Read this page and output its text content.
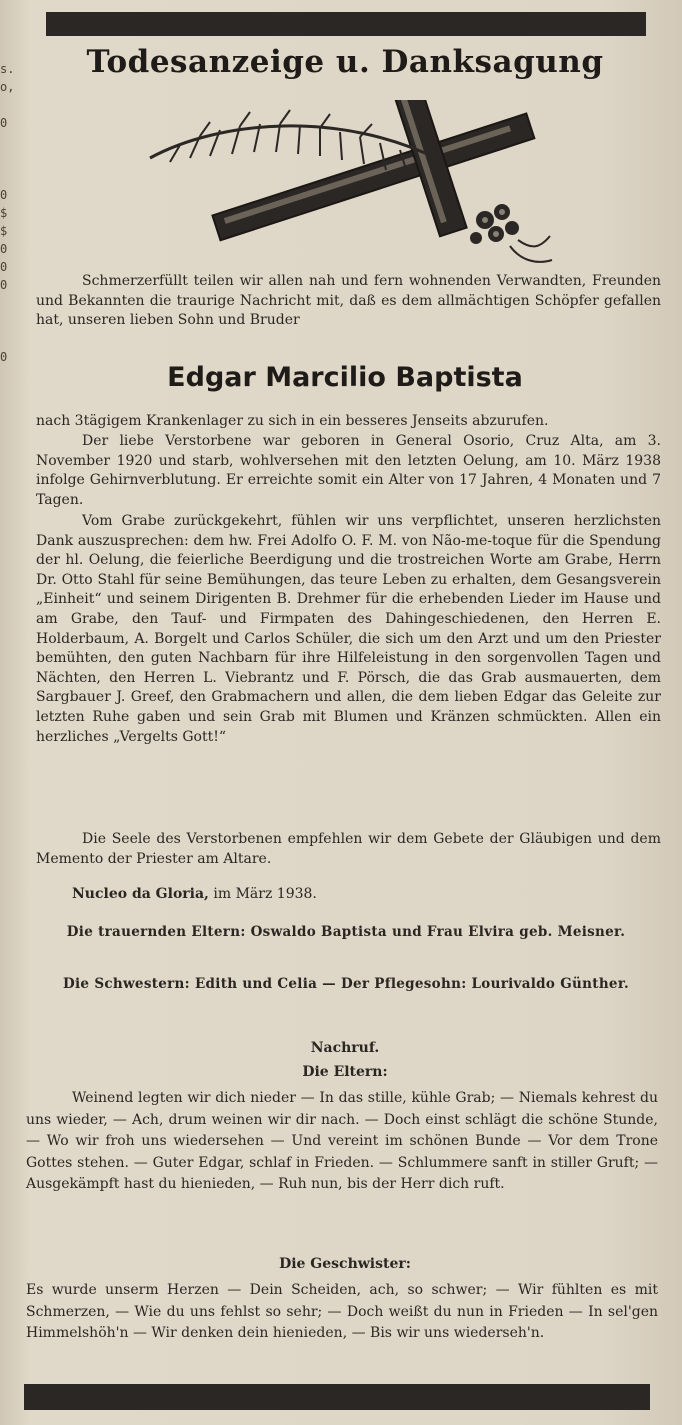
s.
o,

0

0
$
$
0
0
0

0
Todesanzeige u. Danksagung
Schmerzerfüllt teilen wir allen nah und fern wohnenden Verwandten, Freunden und Bekannten die traurige Nachricht mit, daß es dem allmächtigen Schöpfer gefallen hat, unseren lieben Sohn und Bruder
Edgar Marcilio Baptista
nach 3tägigem Krankenlager zu sich in ein besseres Jenseits abzurufen.
Der liebe Verstorbene war geboren in General Osorio, Cruz Alta, am 3. November 1920 und starb, wohlversehen mit den letzten Oelung, am 10. März 1938 infolge Gehirnverblutung. Er erreichte somit ein Alter von 17 Jahren, 4 Monaten und 7 Tagen.
Vom Grabe zurückgekehrt, fühlen wir uns verpflichtet, unseren herzlichsten Dank auszusprechen: dem hw. Frei Adolfo O. F. M. von Não-me-toque für die Spendung der hl. Oelung, die feierliche Beerdigung und die trostreichen Worte am Grabe, Herrn Dr. Otto Stahl für seine Bemühungen, das teure Leben zu erhalten, dem Gesangsverein „Einheit“ und seinem Dirigenten B. Drehmer für die erhebenden Lieder im Hause und am Grabe, den Tauf- und Firmpaten des Dahingeschiedenen, den Herren E. Holderbaum, A. Borgelt und Carlos Schüler, die sich um den Arzt und um den Priester bemühten, den guten Nachbarn für ihre Hilfeleistung in den sorgenvollen Tagen und Nächten, den Herren L. Viebrantz und F. Pörsch, die das Grab ausmauerten, dem Sargbauer J. Greef, den Grabmachern und allen, die dem lieben Edgar das Geleite zur letzten Ruhe gaben und sein Grab mit Blumen und Kränzen schmückten. Allen ein herzliches „Vergelts Gott!“
Die Seele des Verstorbenen empfehlen wir dem Gebete der Gläubigen und dem Memento der Priester am Altare.
Nucleo da Gloria, im März 1938.
Die trauernden Eltern: Oswaldo Baptista und Frau Elvira geb. Meisner.
Die Schwestern: Edith und Celia — Der Pflegesohn: Lourivaldo Günther.
Nachruf.
Die Eltern:
Weinend legten wir dich nieder — In das stille, kühle Grab; — Niemals kehrest du uns wieder, — Ach, drum weinen wir dir nach. — Doch einst schlägt die schöne Stunde, — Wo wir froh uns wiedersehen — Und vereint im schönen Bunde — Vor dem Trone Gottes stehen. — Guter Edgar, schlaf in Frieden. — Schlummere sanft in stiller Gruft; — Ausgekämpft hast du hienieden, — Ruh nun, bis der Herr dich ruft.
Die Geschwister:
Es wurde unserm Herzen — Dein Scheiden, ach, so schwer; — Wir fühlten es mit Schmerzen, — Wie du uns fehlst so sehr; — Doch weißt du nun in Frieden — In sel'gen Himmelshöh'n — Wir denken dein hienieden, — Bis wir uns wiederseh'n.
